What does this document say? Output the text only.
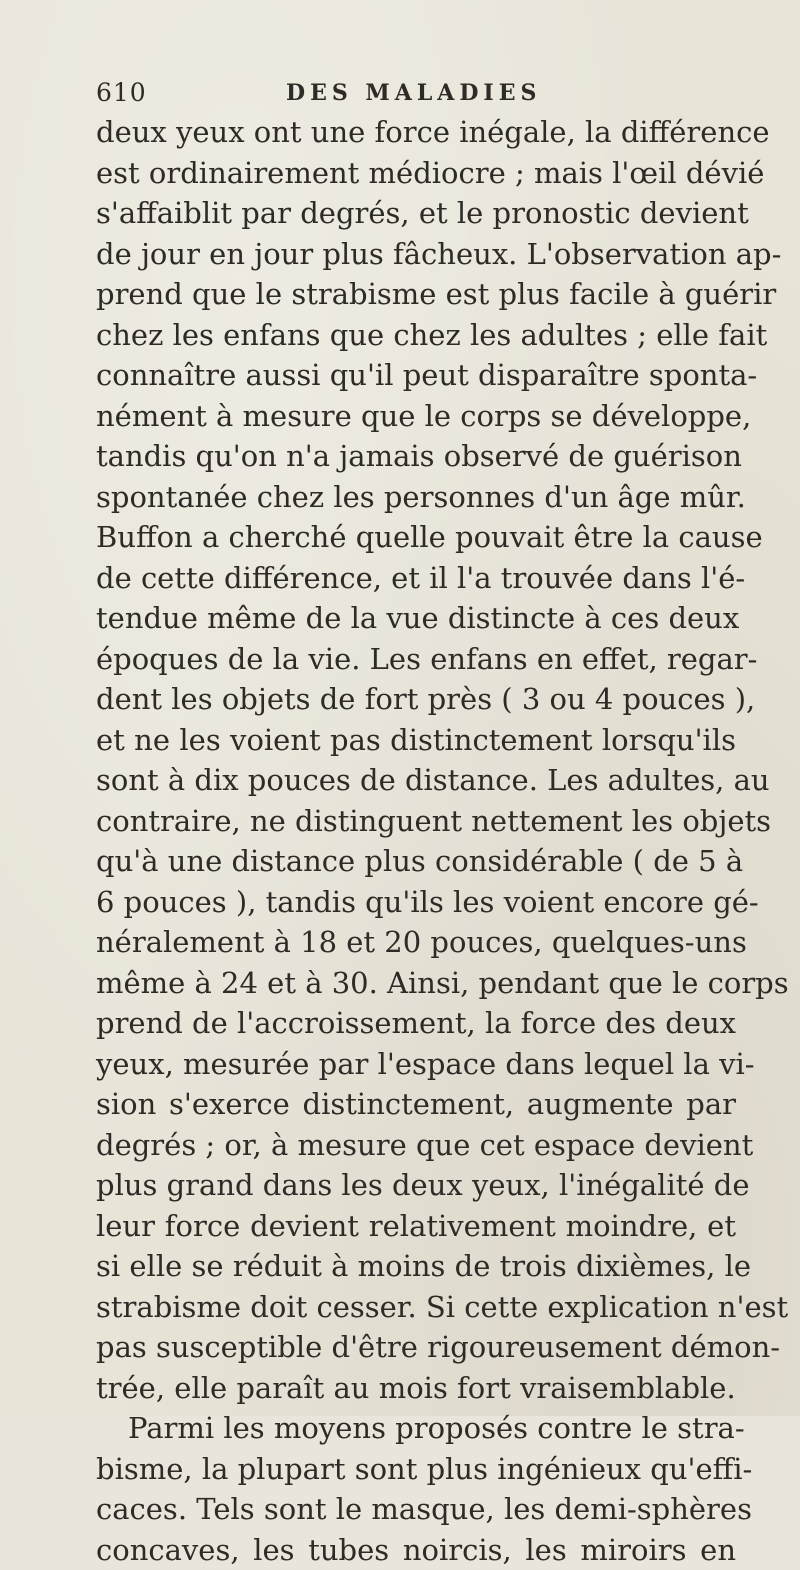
610	DES MALADIES
deux yeux ont une force inégale, la différence
est ordinairement médiocre ; mais l'œil dévié
s'affaiblit par degrés, et le pronostic devient
de jour en jour plus fâcheux. L'observation ap-
prend que le strabisme est plus facile à guérir
chez les enfans que chez les adultes ; elle fait
connaître aussi qu'il peut disparaître sponta-
nément à mesure que le corps se développe,
tandis qu'on n'a jamais observé de guérison
spontanée chez les personnes d'un âge mûr.
Buffon a cherché quelle pouvait être la cause
de cette différence, et il l'a trouvée dans l'é-
tendue même de la vue distincte à ces deux
époques de la vie. Les enfans en effet, regar-
dent les objets de fort près ( 3 ou 4 pouces ),
et ne les voient pas distinctement lorsqu'ils
sont à dix pouces de distance. Les adultes, au
contraire, ne distinguent nettement les objets
qu'à une distance plus considérable ( de 5 à
6 pouces ), tandis qu'ils les voient encore gé-
néralement à 18 et 20 pouces, quelques-uns
même à 24 et à 30. Ainsi, pendant que le corps
prend de l'accroissement, la force des deux
yeux, mesurée par l'espace dans lequel la vi-
sion s'exerce distinctement, augmente par
degrés ; or, à mesure que cet espace devient
plus grand dans les deux yeux, l'inégalité de
leur force devient relativement moindre, et
si elle se réduit à moins de trois dixièmes, le
strabisme doit cesser. Si cette explication n'est
pas susceptible d'être rigoureusement démon-
trée, elle paraît au mois fort vraisemblable.
Parmi les moyens proposés contre le stra-
bisme, la plupart sont plus ingénieux qu'effi-
caces. Tels sont le masque, les demi-sphères
concaves, les tubes noircis, les miroirs en
